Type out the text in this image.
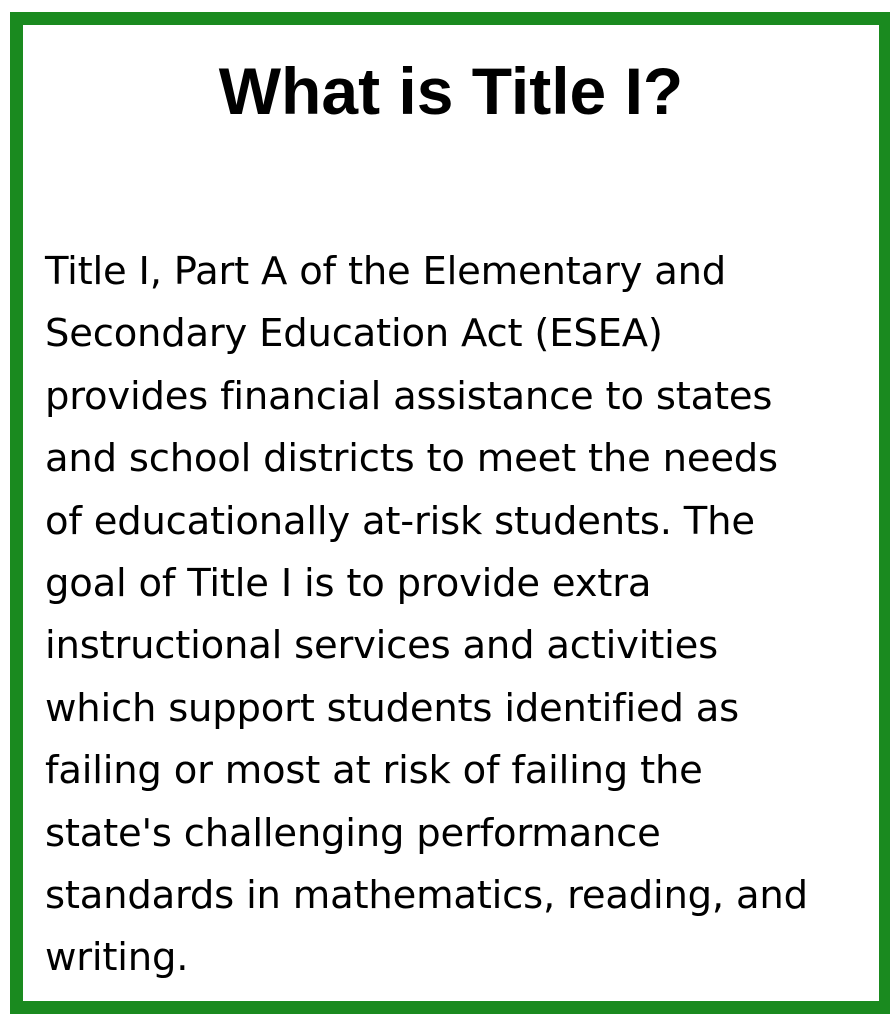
What is Title I?
Title I, Part A of the Elementary and
Secondary Education Act (ESEA)
provides financial assistance to states
and school districts to meet the needs
of educationally at-risk students. The
goal of Title I is to provide extra
instructional services and activities
which support students identified as
failing or most at risk of failing the
state's challenging performance
standards in mathematics, reading, and
writing.
